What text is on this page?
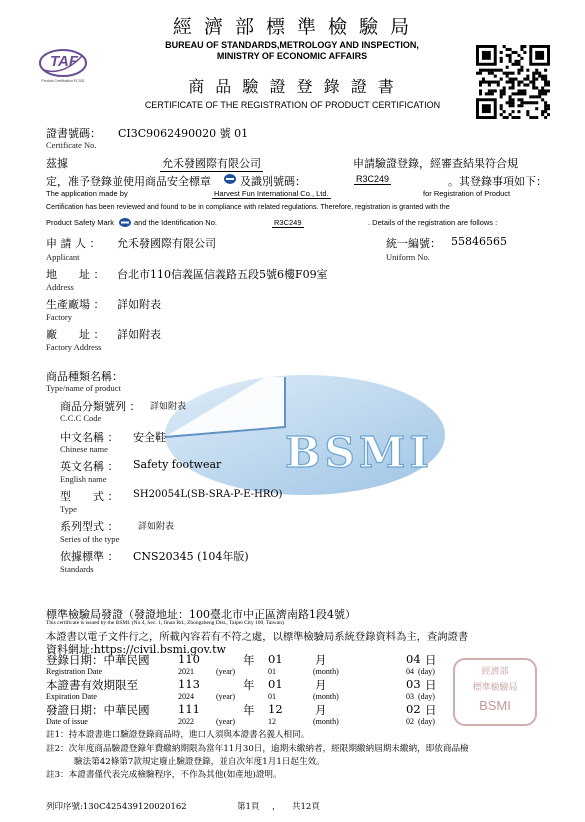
TAF
Product Certification PC031
經 濟 部 標 準 檢 驗 局
BUREAU OF STANDARDS,METROLOGY AND INSPECTION,
MINISTRY OF ECONOMIC AFFAIRS
商 品 驗 證 登 錄 證 書
CERTIFICATE OF THE REGISTRATION OF PRODUCT CERTIFICATION
證書號碼： CI3C9062490020 號 01
Certificate No.
茲據	允禾發國際有限公司	申請驗證登錄，經審查結果符合規
定，准予登錄並使用商品安全標章	及識別號碼：	R3C249	。其登錄事項如下：
The application made by	Harvest Fun International Co., Ltd.	for Registration of Product
Certification has been reviewed and found to be in compliance with related regulations. Therefore, registration is granted with the
Product Safety Mark	and the Identification No.	R3C249	. Details of the registration are follows :
申 請 人 ： 允禾發國際有限公司
Applicant
統一編號： 55846565
Uniform No.
地　　址 ： 台北市110信義區信義路五段5號6樓F09室
Address
生產廠場 ： 詳如附表
Factory
廠　　址 ： 詳如附表
Factory Address
BSMI
商品種類名稱：
Type/name of product
商品分類號列 ： 詳如附表
C.C.C Code
中文名稱 ： 安全鞋
Chinese name
英文名稱 ： Safety footwear
English name
型　　式 ： SH20054L(SB-SRA-P-E-HRO)
Type
系列型式 ： 詳如附表
Series of the type
依據標準 ： CNS20345 (104年版)
Standards
標準檢驗局發證（發證地址：100臺北市中正區濟南路1段4號）
This certificate is issued by the BSMI. (No.4, Sec. 1, Jinan Rd., Zhongzheng Dist., Taipei City 100, Taiwan)
本證書以電子文件行之，所載內容若有不符之處，以標準檢驗局系統登錄資料為主，查詢證書
資料網址:https://civil.bsmi.gov.tw
登錄日期：中華民國 110	年 01	月	04 日
Registration Date	2021	(year)	01	(month)	04 (day)
本證書有效期限至	113	年 01	月	03 日
Expiration Date	2024	(year)	01	(month)	03 (day)
發證日期：中華民國 111	年 12	月	02 日
Date of issue	2022	(year)	12	(month)	02 (day)
經濟部
標準檢驗局
BSMI
註1：持本證書進口驗證登錄商品時，進口人須與本證書名義人相同。
註2：次年度商品驗證登錄年費繳納期限為當年11月30日，逾期未繳納者，經限期繳納屆期未繳納，即依商品檢
驗法第42條第7款規定廢止驗證登錄，並自次年度1月1日起生效。
註3：本證書僅代表完成檢驗程序，不作為其他(如產地)證明。
列印序號:130C425439120020162	第1頁 ， 共12頁
